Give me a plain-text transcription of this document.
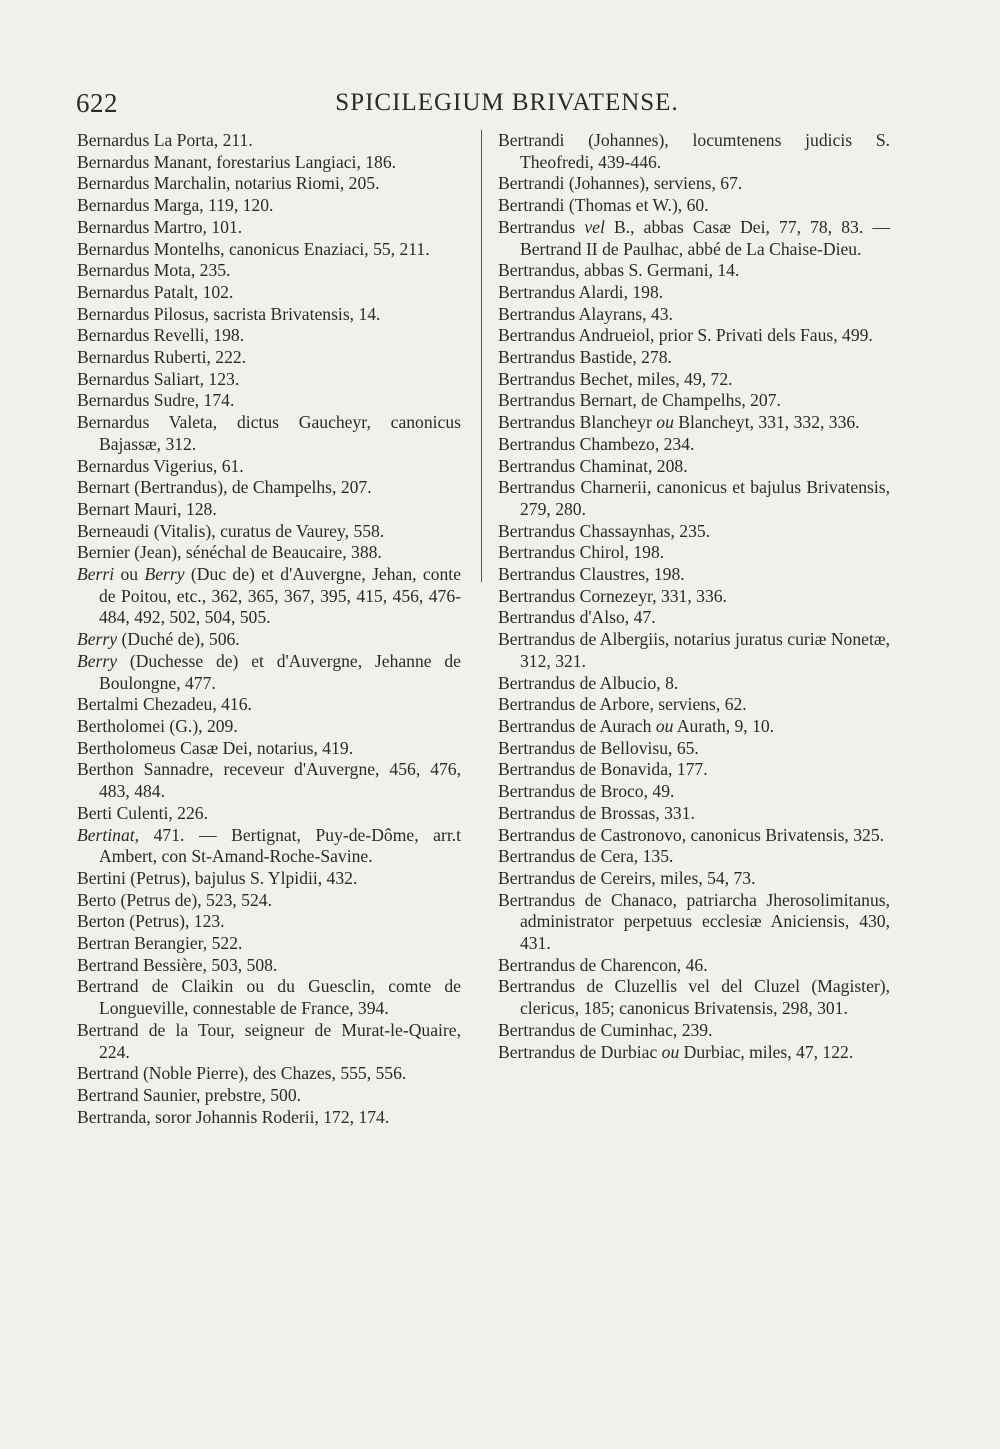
622	SPICILEGIUM BRIVATENSE.

Bernardus La Porta, 211.

Bernardus Manant, forestarius Langiaci, 186.

Bernardus Marchalin, notarius Riomi, 205.

Bernardus Marga, 119, 120.

Bernardus Martro, 101.

Bernardus Montelhs, canonicus Enaziaci, 55, 211.

Bernardus Mota, 235.

Bernardus Patalt, 102.

Bernardus Pilosus, sacrista Brivatensis, 14.

Bernardus Revelli, 198.

Bernardus Ruberti, 222.

Bernardus Saliart, 123.

Bernardus Sudre, 174.

Bernardus Valeta, dictus Gaucheyr, canonicus Bajassæ, 312.

Bernardus Vigerius, 61.

Bernart (Bertrandus), de Champelhs, 207.

Bernart Mauri, 128.

Berneaudi (Vitalis), curatus de Vaurey, 558.

Bernier (Jean), sénéchal de Beaucaire, 388.

Berri ou Berry (Duc de) et d'Auvergne, Jehan, conte de Poitou, etc., 362, 365, 367, 395, 415, 456, 476-484, 492, 502, 504, 505.

Berry (Duché de), 506.

Berry (Duchesse de) et d'Auvergne, Jehanne de Boulongne, 477.

Bertalmi Chezadeu, 416.

Bertholomei (G.), 209.

Bertholomeus Casæ Dei, notarius, 419.

Berthon Sannadre, receveur d'Auvergne, 456, 476, 483, 484.

Berti Culenti, 226.

Bertinat, 471. — Bertignat, Puy-de-Dôme, arr.t Ambert, con St-Amand-Roche-Savine.

Bertini (Petrus), bajulus S. Ylpidii, 432.

Berto (Petrus de), 523, 524.

Berton (Petrus), 123.

Bertran Berangier, 522.

Bertrand Bessière, 503, 508.

Bertrand de Claikin ou du Guesclin, comte de Longueville, connestable de France, 394.

Bertrand de la Tour, seigneur de Murat-le-Quaire, 224.

Bertrand (Noble Pierre), des Chazes, 555, 556.

Bertrand Saunier, prebstre, 500.

Bertranda, soror Johannis Roderii, 172, 174.

Bertrandi (Johannes), locumtenens judicis S. Theofredi, 439-446.

Bertrandi (Johannes), serviens, 67.

Bertrandi (Thomas et W.), 60.

Bertrandus vel B., abbas Casæ Dei, 77, 78, 83. — Bertrand II de Paulhac, abbé de La Chaise-Dieu.

Bertrandus, abbas S. Germani, 14.

Bertrandus Alardi, 198.

Bertrandus Alayrans, 43.

Bertrandus Andrueiol, prior S. Privati dels Faus, 499.

Bertrandus Bastide, 278.

Bertrandus Bechet, miles, 49, 72.

Bertrandus Bernart, de Champelhs, 207.

Bertrandus Blancheyr ou Blancheyt, 331, 332, 336.

Bertrandus Chambezo, 234.

Bertrandus Chaminat, 208.

Bertrandus Charnerii, canonicus et bajulus Brivatensis, 279, 280.

Bertrandus Chassaynhas, 235.

Bertrandus Chirol, 198.

Bertrandus Claustres, 198.

Bertrandus Cornezeyr, 331, 336.

Bertrandus d'Also, 47.

Bertrandus de Albergiis, notarius juratus curiæ Nonetæ, 312, 321.

Bertrandus de Albucio, 8.

Bertrandus de Arbore, serviens, 62.

Bertrandus de Aurach ou Aurath, 9, 10.

Bertrandus de Bellovisu, 65.

Bertrandus de Bonavida, 177.

Bertrandus de Broco, 49.

Bertrandus de Brossas, 331.

Bertrandus de Castronovo, canonicus Brivatensis, 325.

Bertrandus de Cera, 135.

Bertrandus de Cereirs, miles, 54, 73.

Bertrandus de Chanaco, patriarcha Jherosolimitanus, administrator perpetuus ecclesiæ Aniciensis, 430, 431.

Bertrandus de Charencon, 46.

Bertrandus de Cluzellis vel del Cluzel (Magister), clericus, 185; canonicus Brivatensis, 298, 301.

Bertrandus de Cuminhac, 239.

Bertrandus de Durbiac ou Durbiac, miles, 47, 122.
